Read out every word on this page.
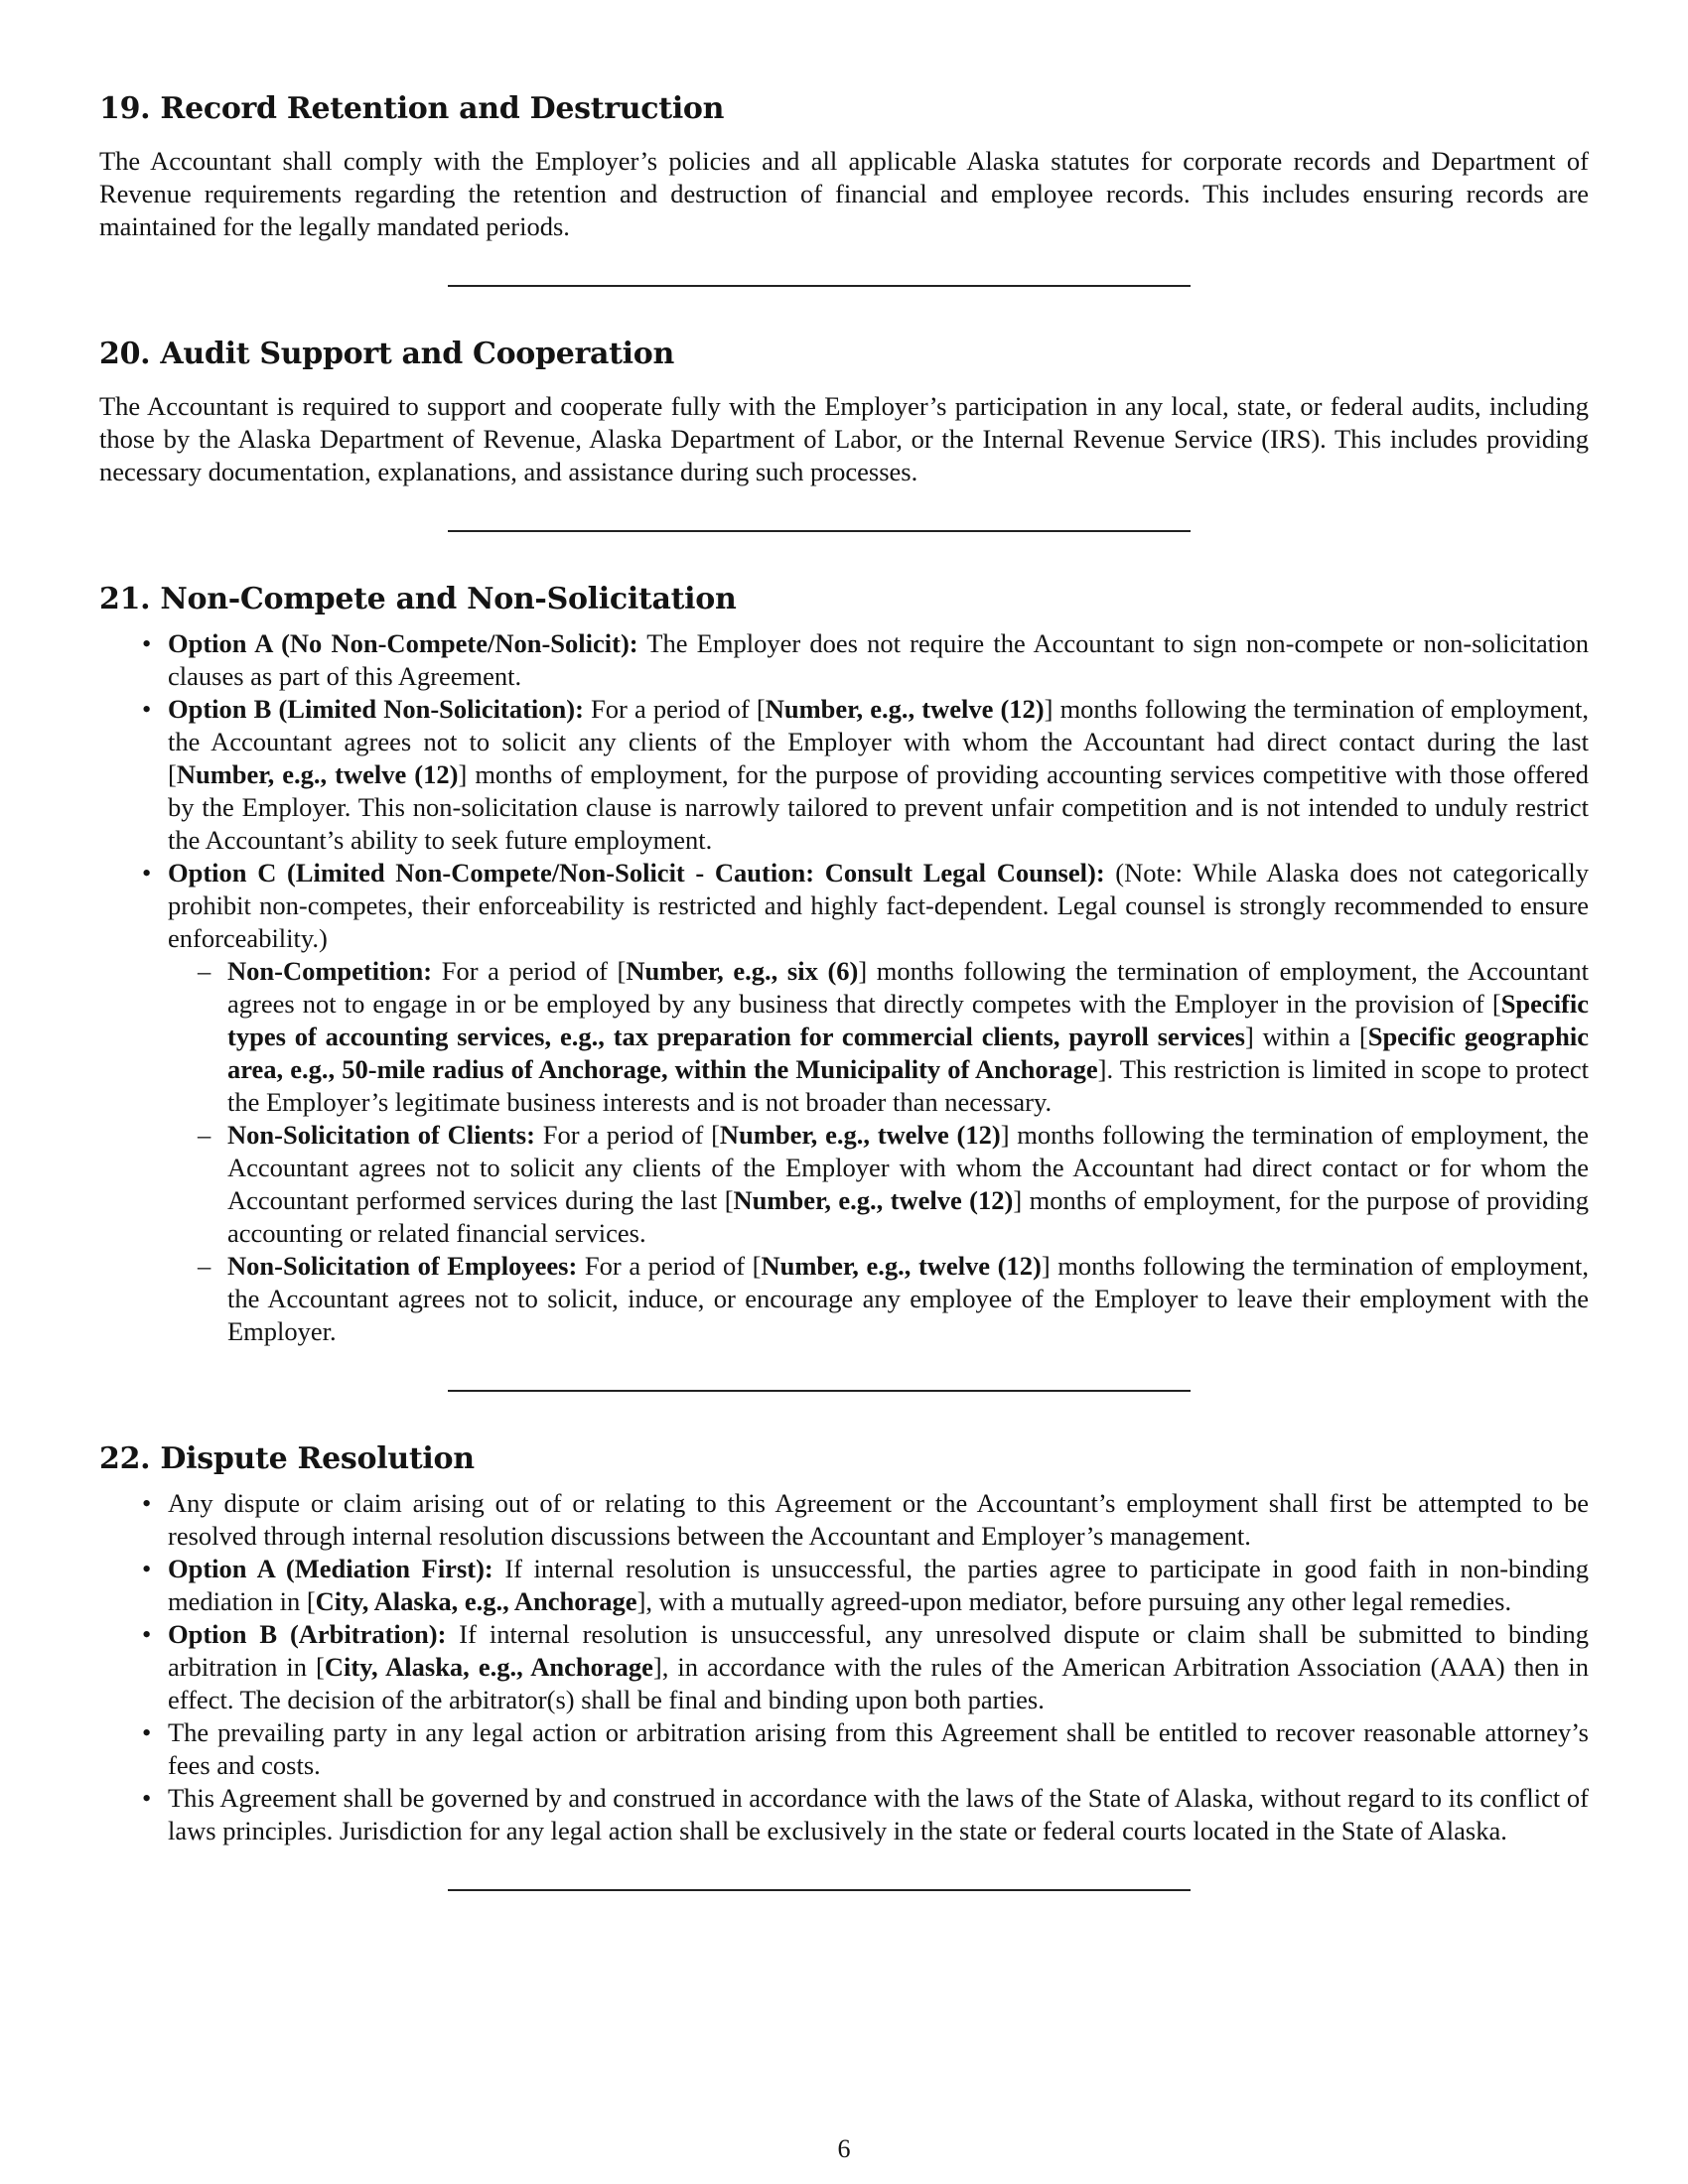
19. Record Retention and Destruction

The Accountant shall comply with the Employer’s policies and all applicable Alaska statutes for corporate records and Department of Revenue requirements regarding the retention and destruction of financial and employee records. This includes ensuring records are maintained for the legally mandated periods.

20. Audit Support and Cooperation

The Accountant is required to support and cooperate fully with the Employer’s participation in any local, state, or federal audits, including those by the Alaska Department of Revenue, Alaska Department of Labor, or the Internal Revenue Service (IRS). This includes providing necessary documentation, explanations, and assistance during such processes.

21. Non-Compete and Non-Solicitation
• Option A (No Non-Compete/Non-Solicit): The Employer does not require the Accountant to sign non-compete or non-solicitation clauses as part of this Agreement.
• Option B (Limited Non-Solicitation): For a period of [Number, e.g., twelve (12)] months following the termination of employment, the Accountant agrees not to solicit any clients of the Employer with whom the Accountant had direct contact during the last [Number, e.g., twelve (12)] months of employment, for the purpose of providing accounting services competitive with those offered by the Employer. This non-solicitation clause is narrowly tailored to prevent unfair competition and is not intended to unduly restrict the Accountant’s ability to seek future employment.
• Option C (Limited Non-Compete/Non-Solicit - Caution: Consult Legal Counsel): (Note: While Alaska does not categorically prohibit non-competes, their enforceability is restricted and highly fact-dependent. Legal counsel is strongly recommended to ensure enforceability.)
– Non-Competition: For a period of [Number, e.g., six (6)] months following the termination of employment, the Accountant agrees not to engage in or be employed by any business that directly competes with the Employer in the provision of [Specific types of accounting services, e.g., tax preparation for commercial clients, payroll services] within a [Specific geographic area, e.g., 50-mile radius of Anchorage, within the Municipality of Anchorage]. This restriction is limited in scope to protect the Employer’s legitimate business interests and is not broader than necessary.
– Non-Solicitation of Clients: For a period of [Number, e.g., twelve (12)] months following the termination of employment, the Accountant agrees not to solicit any clients of the Employer with whom the Accountant had direct contact or for whom the Accountant performed services during the last [Number, e.g., twelve (12)] months of employment, for the purpose of providing accounting or related financial services.
– Non-Solicitation of Employees: For a period of [Number, e.g., twelve (12)] months following the termination of employment, the Accountant agrees not to solicit, induce, or encourage any employee of the Employer to leave their employment with the Employer.
22. Dispute Resolution
• Any dispute or claim arising out of or relating to this Agreement or the Accountant’s employment shall first be attempted to be resolved through internal resolution discussions between the Accountant and Employer’s management.
• Option A (Mediation First): If internal resolution is unsuccessful, the parties agree to participate in good faith in non-binding mediation in [City, Alaska, e.g., Anchorage], with a mutually agreed-upon mediator, before pursuing any other legal remedies.
• Option B (Arbitration): If internal resolution is unsuccessful, any unresolved dispute or claim shall be submitted to binding arbitration in [City, Alaska, e.g., Anchorage], in accordance with the rules of the American Arbitration Association (AAA) then in effect. The decision of the arbitrator(s) shall be final and binding upon both parties.
• The prevailing party in any legal action or arbitration arising from this Agreement shall be entitled to recover reasonable attorney’s fees and costs.
• This Agreement shall be governed by and construed in accordance with the laws of the State of Alaska, without regard to its conflict of laws principles. Jurisdiction for any legal action shall be exclusively in the state or federal courts located in the State of Alaska.
6
